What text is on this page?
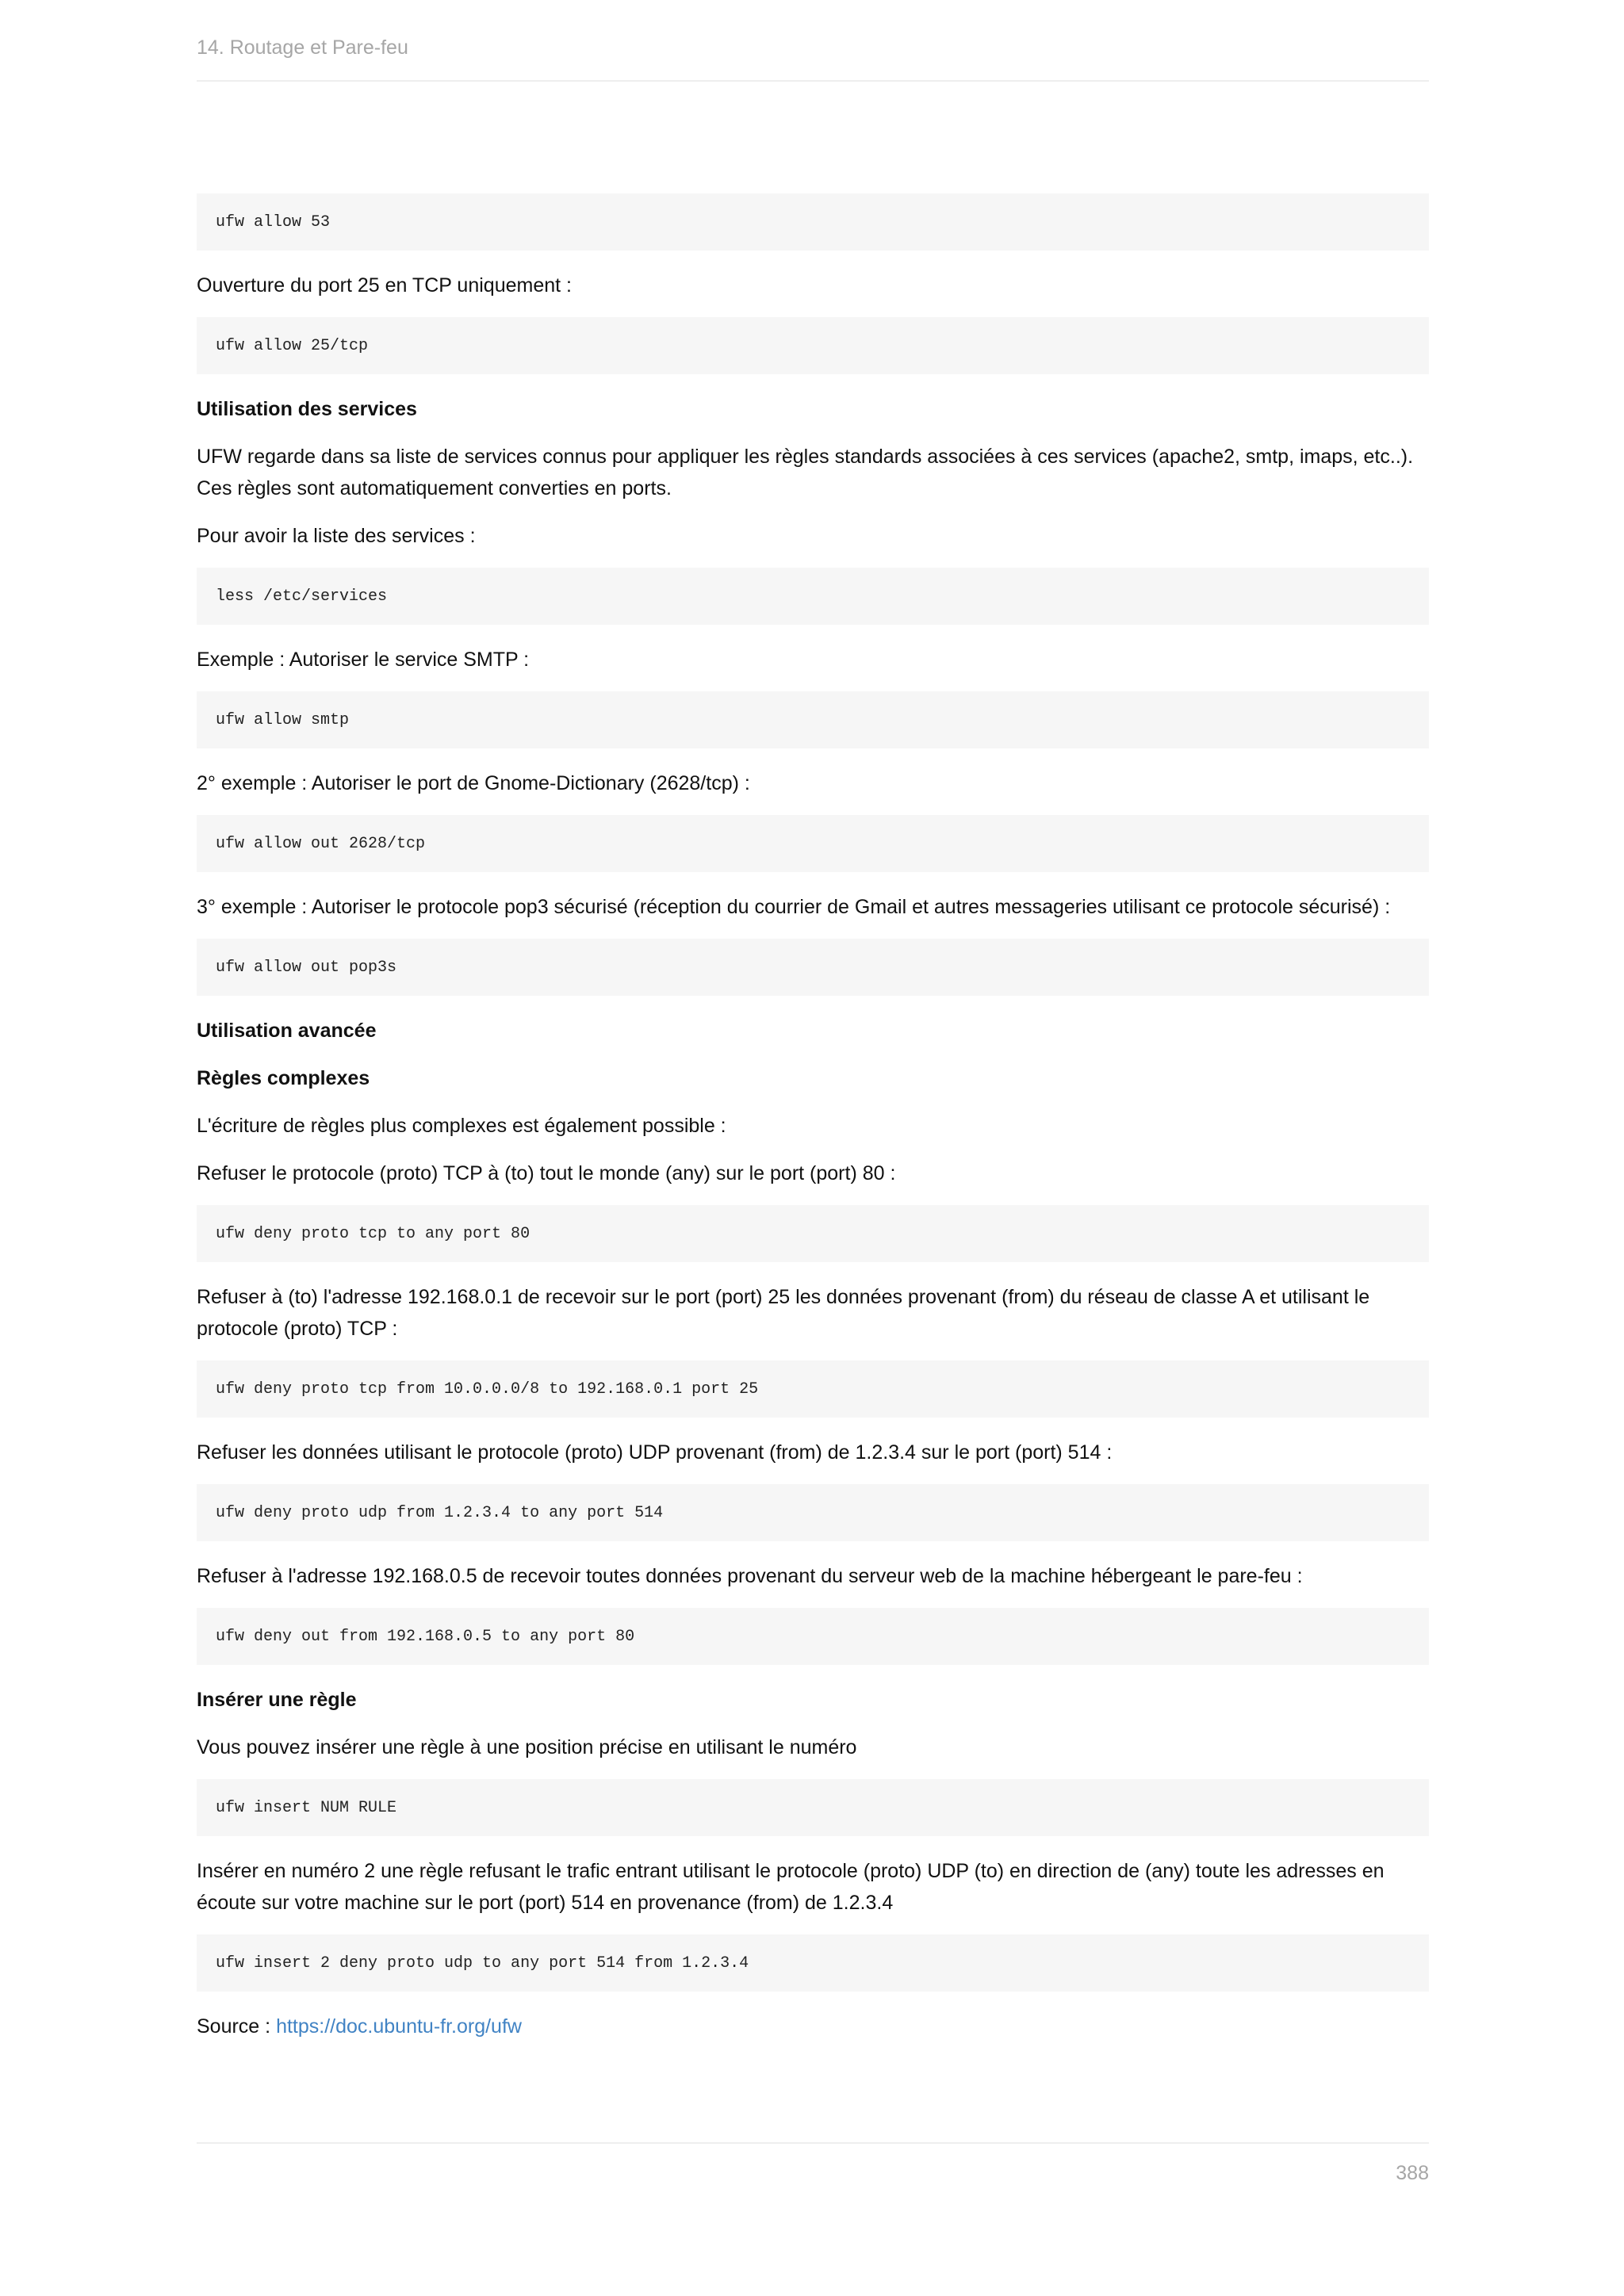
14. Routage et Pare-feu
ufw allow 53

Ouverture du port 25 en TCP uniquement :

ufw allow 25/tcp

Utilisation des services

UFW regarde dans sa liste de services connus pour appliquer les règles standards associées à ces services (apache2, smtp, imaps, etc..). Ces règles sont automatiquement converties en ports.

Pour avoir la liste des services :

less /etc/services

Exemple : Autoriser le service SMTP :

ufw allow smtp

2° exemple : Autoriser le port de Gnome-Dictionary (2628/tcp) :

ufw allow out 2628/tcp

3° exemple : Autoriser le protocole pop3 sécurisé (réception du courrier de Gmail et autres messageries utilisant ce protocole sécurisé) :

ufw allow out pop3s

Utilisation avancée

Règles complexes

L'écriture de règles plus complexes est également possible :

Refuser le protocole (proto) TCP à (to) tout le monde (any) sur le port (port) 80 :

ufw deny proto tcp to any port 80

Refuser à (to) l'adresse 192.168.0.1 de recevoir sur le port (port) 25 les données provenant (from) du réseau de classe A et utilisant le protocole (proto) TCP :

ufw deny proto tcp from 10.0.0.0/8 to 192.168.0.1 port 25

Refuser les données utilisant le protocole (proto) UDP provenant (from) de 1.2.3.4 sur le port (port) 514 :

ufw deny proto udp from 1.2.3.4 to any port 514

Refuser à l'adresse 192.168.0.5 de recevoir toutes données provenant du serveur web de la machine hébergeant le pare-feu :

ufw deny out from 192.168.0.5 to any port 80

Insérer une règle

Vous pouvez insérer une règle à une position précise en utilisant le numéro

ufw insert NUM RULE

Insérer en numéro 2 une règle refusant le trafic entrant utilisant le protocole (proto) UDP (to) en direction de (any) toute les adresses en écoute sur votre machine sur le port (port) 514 en provenance (from) de 1.2.3.4

ufw insert 2 deny proto udp to any port 514 from 1.2.3.4

Source : https://doc.ubuntu-fr.org/ufw

388
